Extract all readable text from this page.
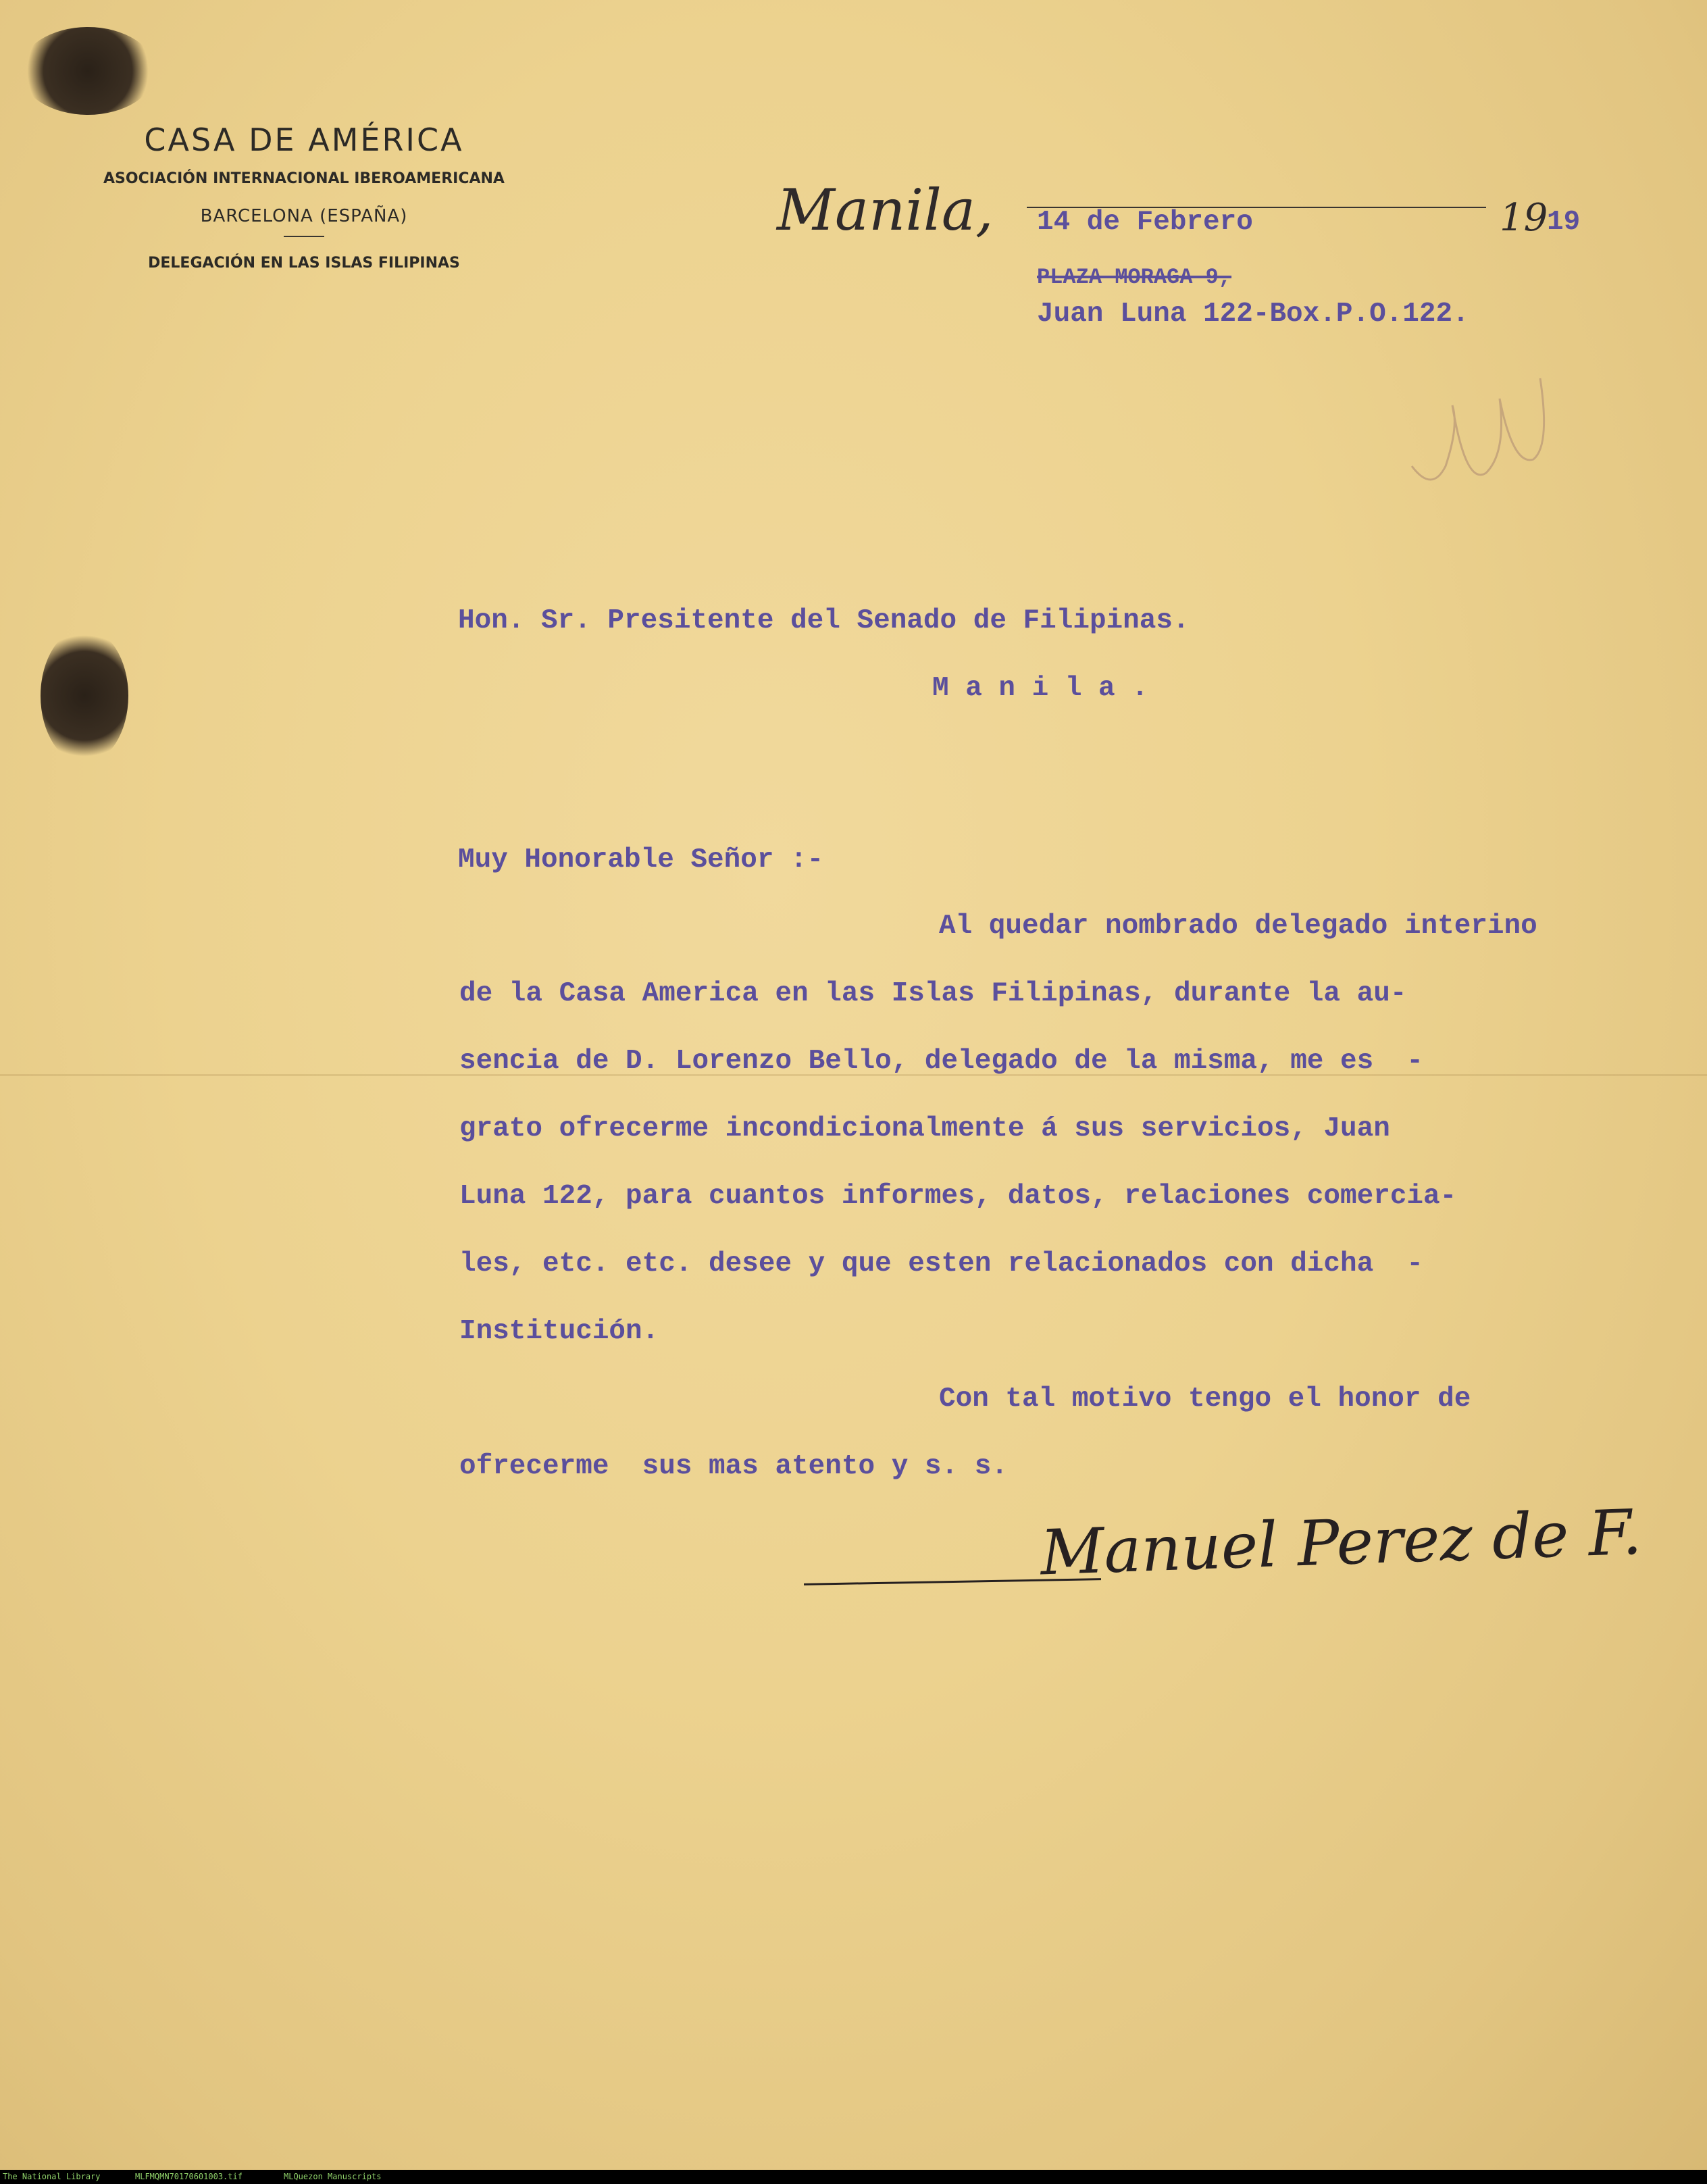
CASA DE AMÉRICA
ASOCIACIÓN INTERNACIONAL IBEROAMERICANA
BARCELONA (ESPAÑA)
DELEGACIÓN EN LAS ISLAS FILIPINAS
Manila, 14 de Febrero	19
19
PLAZA MORAGA 9,
Juan Luna 122-Box.P.O.122.
Hon. Sr. Presitente del Senado de Filipinas.
M a n i l a .
Muy Honorable Señor :-
Al quedar nombrado delegado interino
de la Casa America en las Islas Filipinas, durante la au-
sencia de D. Lorenzo Bello, delegado de la misma, me es  -
grato ofrecerme incondicionalmente á sus servicios, Juan
Luna 122, para cuantos informes, datos, relaciones comercia-
les, etc. etc. desee y que esten relacionados con dicha  -
Institución.
Con tal motivo tengo el honor de
ofrecerme  sus mas atento y s. s.
Manuel Perez de F.
The National Library	MLFMQMN70170601003.tif	MLQuezon Manuscripts
